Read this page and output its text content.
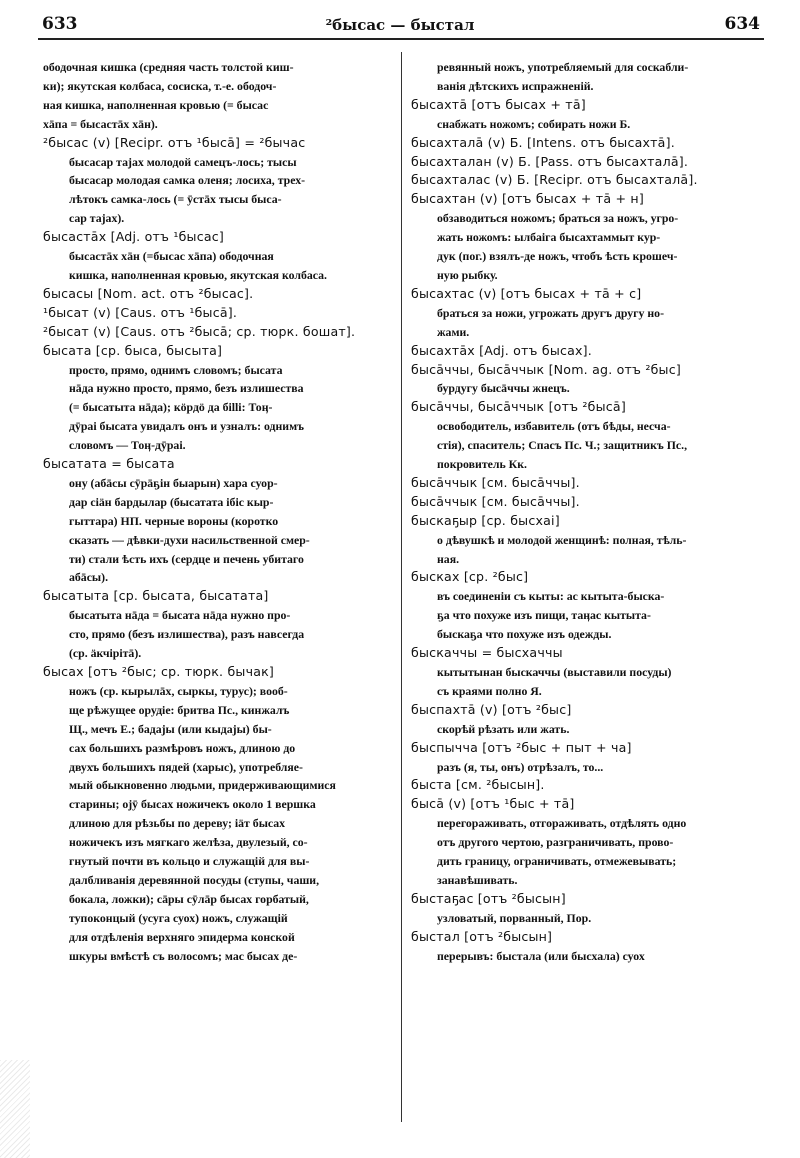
633	²бысас — быстал	634
ободочная кишка (средняя часть толстой киш-
ки); якутская колбаса, сосиска, т.-е. ободоч-
ная кишка, наполненная кровью (= бысас
хāпа = бысастāх хāн).
²бысас (v) [Recipr. отъ ¹бысā] = ²бычас
бысасар тајах молодой самецъ-лось; тысы
бысасар молодая самка оленя; лосиха, трех-
лѣтокъ самка-лось (= ӯстāх тысы быса-
сар тајах).
бысастāх [Adj. отъ ¹бысас]
бысастāх хāн (=бысас хāпа) ободочная
кишка, наполненная кровью, якутская колбаса.
бысасы [Nom. act. отъ ²бысас].
¹бысат (v) [Caus. отъ ¹бысā].
²бысат (v) [Caus. отъ ²бысā; ср. тюрк. бошат].
бысата [ср. быса, бысыта]
просто, прямо, однимъ словомъ; бысата
нāда нужно просто, прямо, безъ излишества
(= бысатыта нāда); кӧрдӧ да біllі: Тоӊ-
дӯраі бысата увидалъ онъ и узналъ: однимъ
словомъ — Тоӊ-дӯраі.
бысатата = бысата
ону (абāсы сӯрāҕін быарын) хара суор-
дар сіäн бардылар (бысатата ібіс кыр-
гыттара) НП. черные вороны (коротко
сказать — дѣвки-духи насильственной смер-
ти) стали ѣсть ихъ (сердце и печень убитаго
абāсы).
бысатыта [ср. бысата, бысатата]
бысатыта нāда = бысата нāда нужно про-
сто, прямо (безъ излишества), разъ навсегда
(ср. äкчірітā).
бысах [отъ ²быс; ср. тюрк. бычак]
ножъ (ср. кырылāх, сыркы, турус); вооб-
ще рѣжущее орудіе: бритва Пс., кинжалъ
Щ., мечъ Е.; бадаjы (или кыдаjы) бы-
сах большихъ размѣровъ ножъ, длиною до
двухъ большихъ пядей (харыс), употребляе-
мый обыкновенно людьми, придерживающимися
старины; оjӯ бысах ножичекъ около 1 вершка
длиною для рѣзьбы по дереву; іäт бысах
ножичекъ изъ мягкаго желѣза, двулезый, со-
гнутый почти въ кольцо и служащій для вы-
далбливанія деревянной посуды (ступы, чаши,
бокала, ложки); сāры сӯлāр бысах горбатый,
тупоконцый (усуга суох) ножъ, служащій
для отдѣленія верхняго эпидерма конской
шкуры вмѣстѣ съ волосомъ; мас бысах де-
ревянный ножъ, употребляемый для соскабли-
ванія дѣтскихъ испражненій.
бысахтā [отъ бысах + тā]
снабжать ножомъ; собирать ножи Б.
бысахталā (v) Б. [Intens. отъ бысахтā].
бысахталан (v) Б. [Pass. отъ бысахталā].
бысахталас (v) Б. [Recipr. отъ бысахталā].
бысахтан (v) [отъ бысах + тā + н]
обзаводиться ножомъ; браться за ножъ, угро-
жать ножомъ: ылбаіга бысахтаммыт кур-
дук (пог.) взялъ-де ножъ, чтобъ ѣсть крошеч-
ную рыбку.
бысахтас (v) [отъ бысах + тā + с]
браться за ножи, угрожать другъ другу но-
жами.
бысахтāх [Adj. отъ бысах].
бысāччы, бысāччык [Nom. ag. отъ ²быс]
бурдугу бысāччы жнецъ.
бысāччы, бысāччык [отъ ²бысā]
освободитель, избавитель (отъ бѣды, несча-
стія), спаситель; Спасъ Пс. Ч.; защитникъ Пс.,
покровитель Кк.
бысāччык [см. бысāччы].
бысāччык [см. бысāччы].
быскаҕыр [ср. бысхаі]
о дѣвушкѣ и молодой женщинѣ: полная, тѣль-
ная.
быскаx [ср. ²быс]
въ соединеніи съ кыты: ас кытыта-быска-
ҕа что похуже изъ пищи, таӊас кытыта-
быскаҕа что похуже изъ одежды.
быскаччы = бысхаччы
кытытынан быскаччы (выставили посуды)
съ краями полно Я.
быспахтā (v) [отъ ²быс]
скорѣй рѣзать или жать.
быспычча [отъ ²быс + пыт + ча]
разъ (я, ты, онъ) отрѣзалъ, то...
быста [см. ²бысын].
бысā (v) [отъ ¹быс + тā]
перегораживать, отгораживать, отдѣлять одно
отъ другого чертою, разграничивать, прово-
дить границу, ограничивать, отмежевывать;
занавѣшивать.
быстаҕас [отъ ²бысын]
узловатый, порванный, Пор.
быстал [отъ ²бысын]
перерывъ: быстала (или бысхала) суох
